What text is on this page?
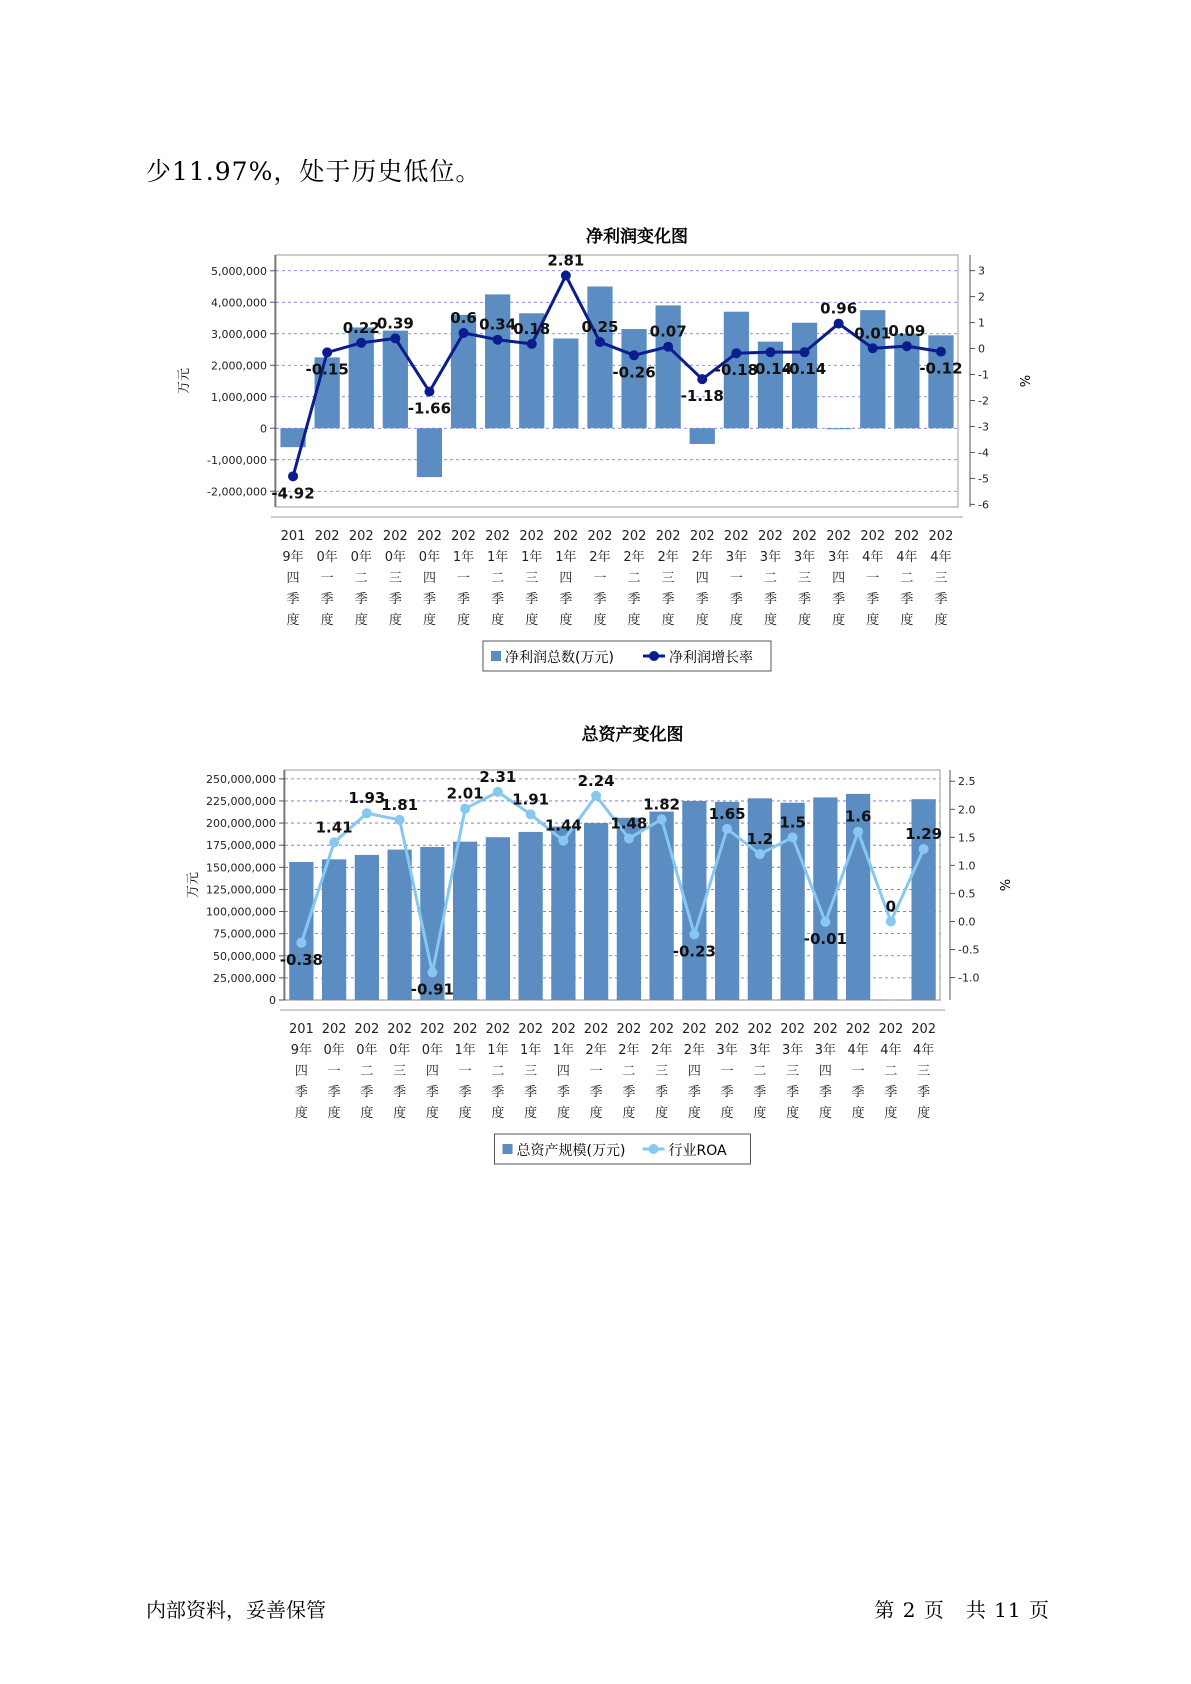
少11.97%，处于历史低位。
净利润变化图
-2,000,000
-1,000,000
0
1,000,000
2,000,000
3,000,000
4,000,000
5,000,000
万元
-6
-5
-4
-3
-2
-1
0
1
2
3
%
-4.92
-0.15
0.22
0.39
-1.66
0.6 0.34
0.18
2.81
0.25
-0.26
0.07
-1.18
-0.18
-0.14
-0.14
0.96
0.01
0.09
-0.12
201 9年四季度
202 0年一季度
202 0年二季度
202 0年三季度
202 0年四季度
202 1年一季度
202 1年二季度
202 1年三季度
202 1年四季度
202 2年一季度
202 2年二季度
202 2年三季度
202 2年四季度
202 3年一季度
202 3年二季度
202 3年三季度
202 3年四季度
202 4年一季度
202 4年二季度
202 4年三季度
净利润总数(万元)	净利润增长率
总资产变化图
0
25,000,000
50,000,000
75,000,000
100,000,000
125,000,000
150,000,000
175,000,000
200,000,000
225,000,000
250,000,000
万元
-1.0
-0.5
0.0
0.5
1.0
1.5
2.0
2.5
%
-0.38
1.41
1.93
1.81
-0.91
2.01
2.31
1.91
1.44
2.24
1.48
1.82
-0.23
1.65
1.2
1.5
-0.01
1.6
0
1.29
201 9年四季度
202 0年一季度
202 0年二季度
202 0年三季度
202 0年四季度
202 1年一季度
202 1年二季度
202 1年三季度
202 1年四季度
202 2年一季度
202 2年二季度
202 2年三季度
202 2年四季度
202 3年一季度
202 3年二季度
202 3年三季度
202 3年四季度
202 4年一季度
202 4年二季度
202 4年三季度
总资产规模(万元)	行业ROA
内部资料，妥善保管	第 2 页　共 11 页
